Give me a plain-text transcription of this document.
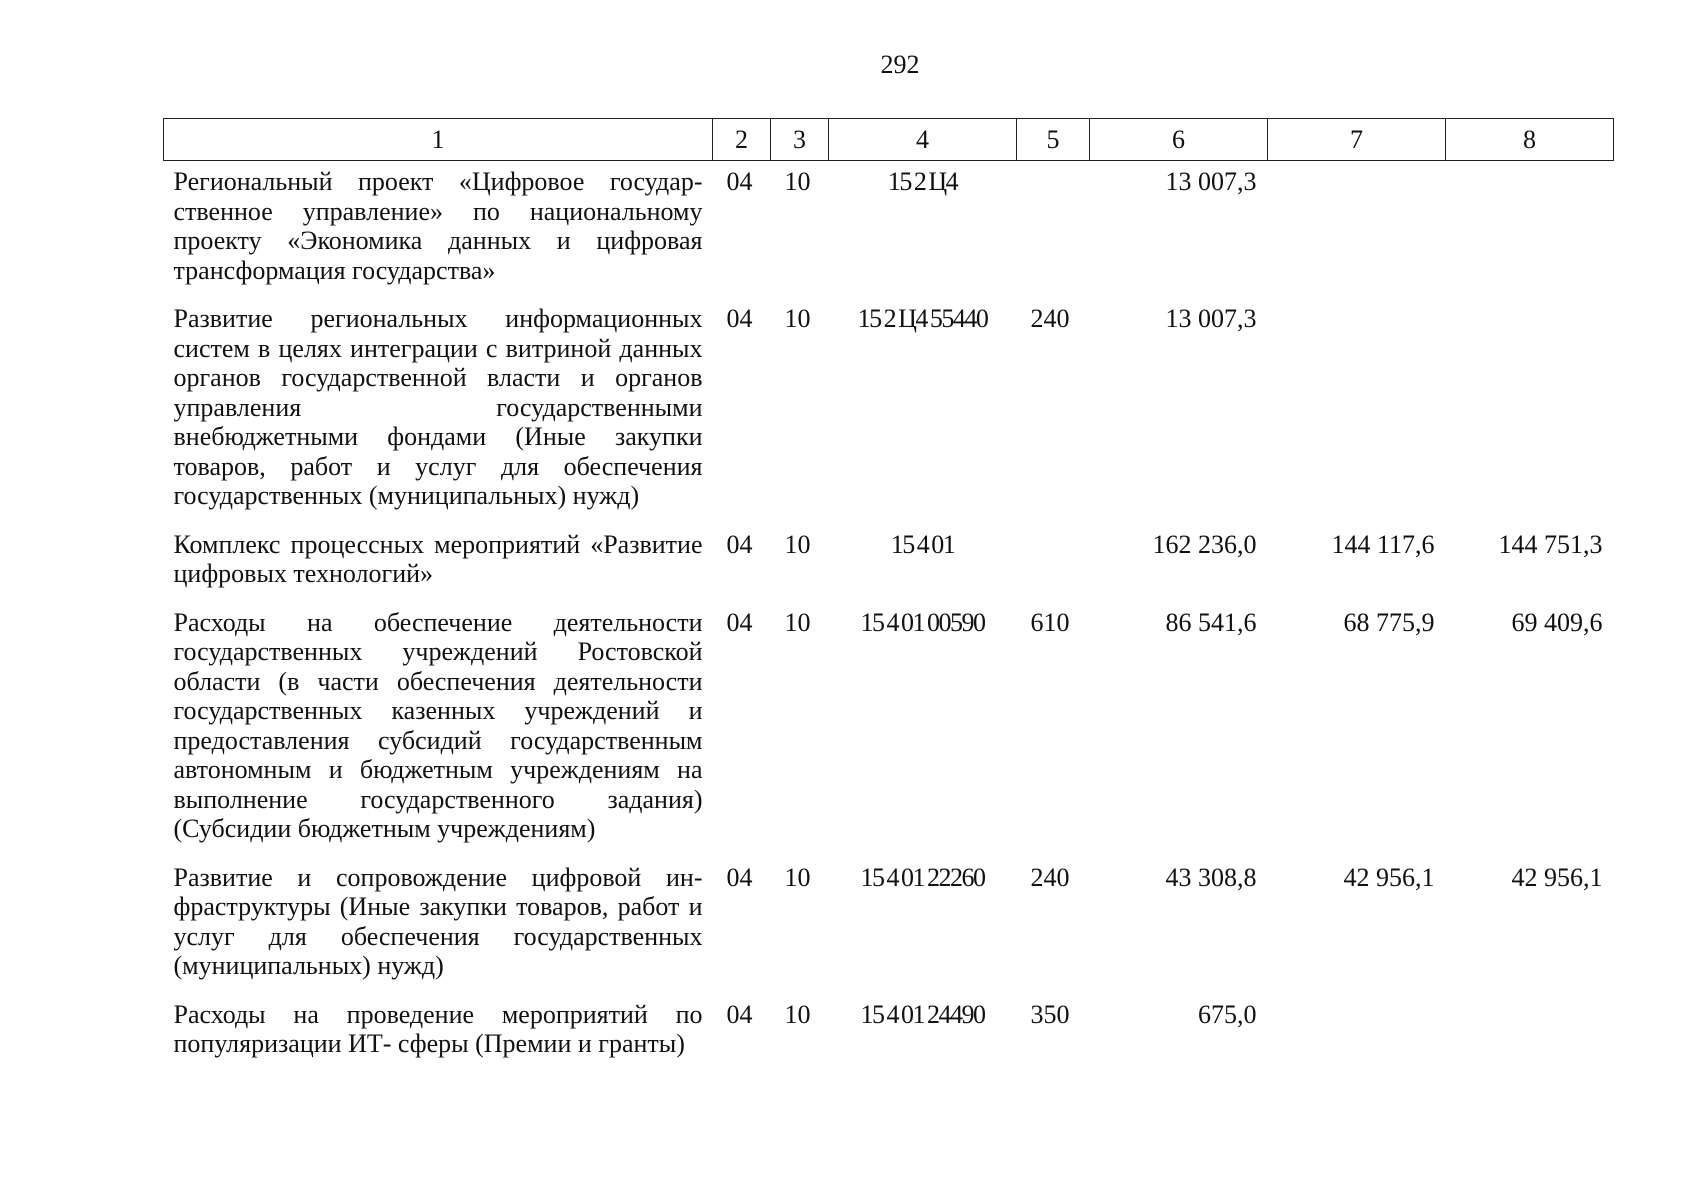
292
1	2	3	4	5	6	7	8
Региональный проект «Цифровое государственное управление» по национальному проекту «Экономика данных и цифровая трансформация государства»	04	10	15 2 Ц4		13 007,3		
Развитие региональных информационных систем в целях интеграции с витриной данных органов государственной власти и органов управления государственными внебюджетными фондами (Иные закупки товаров, работ и услуг для обеспечения государственных (муниципальных) нужд)	04	10	15 2 Ц4 55440	240	13 007,3		
Комплекс процессных мероприятий «Развитие цифровых технологий»	04	10	15 4 01		162 236,0	144 117,6	144 751,3
Расходы на обеспечение деятельности государственных учреждений Ростовской области (в части обеспечения деятельности государственных казенных учреждений и предоставления субсидий государственным автономным и бюджетным учреждениям на выполнение государственного задания) (Субсидии бюджетным учреждениям)	04	10	15 4 01 00590	610	86 541,6	68 775,9	69 409,6
Развитие и сопровождение цифровой инфраструктуры (Иные закупки товаров, работ и услуг для обеспечения государственных (муниципальных) нужд)	04	10	15 4 01 22260	240	43 308,8	42 956,1	42 956,1
Расходы на проведение мероприятий по популяризации ИТ- сферы (Премии и гранты)	04	10	15 4 01 24490	350	675,0		
